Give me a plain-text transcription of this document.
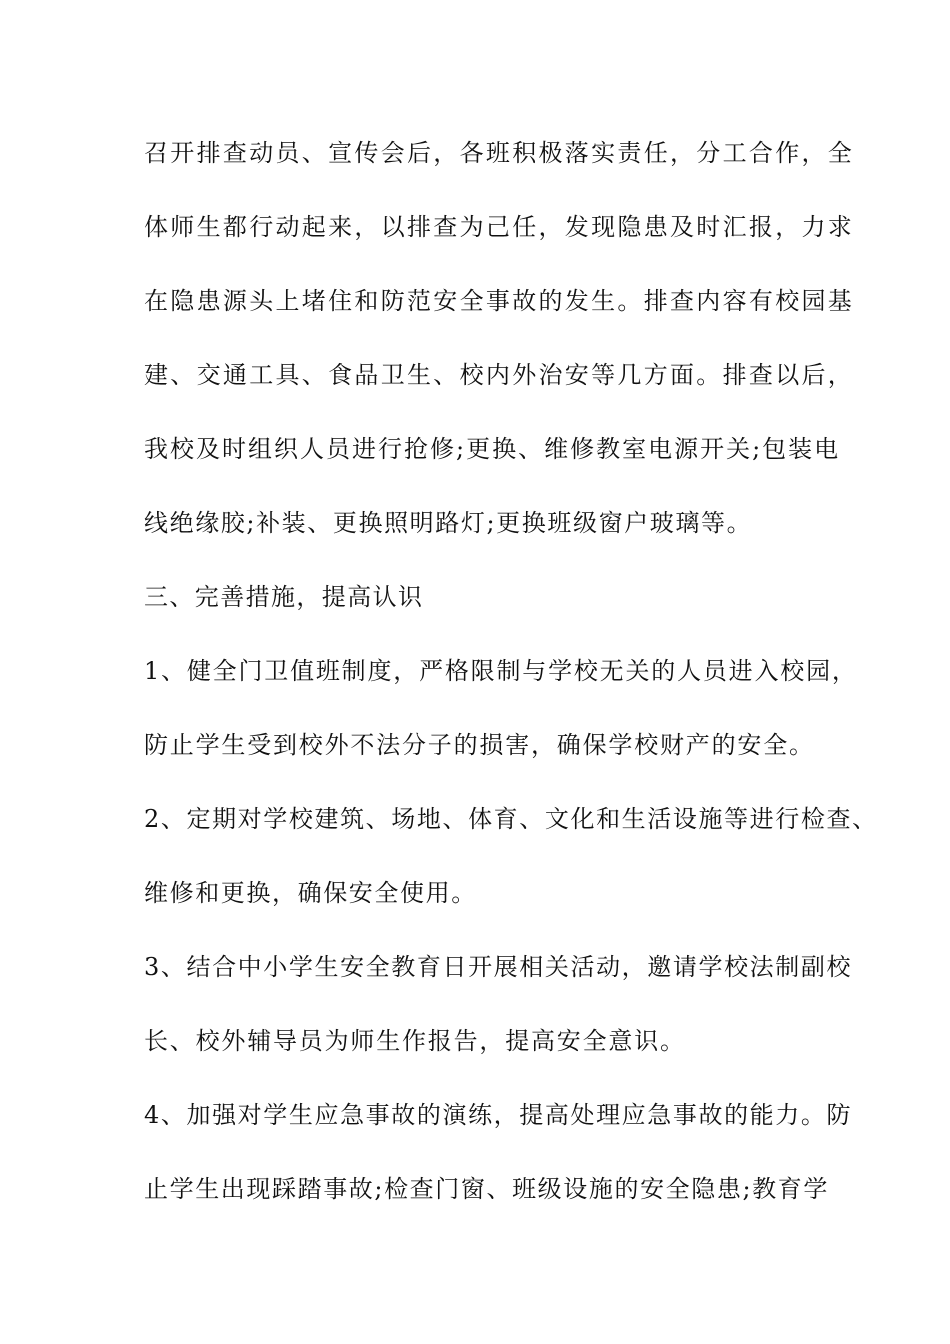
召开排查动员、宣传会后，各班积极落实责任，分工合作，全
体师生都行动起来，以排查为己任，发现隐患及时汇报，力求
在隐患源头上堵住和防范安全事故的发生。排查内容有校园基
建、交通工具、食品卫生、校内外治安等几方面。排查以后，
我校及时组织人员进行抢修;更换、维修教室电源开关;包装电
线绝缘胶;补装、更换照明路灯;更换班级窗户玻璃等。
三、完善措施，提高认识
1、健全门卫值班制度，严格限制与学校无关的人员进入校园，
防止学生受到校外不法分子的损害，确保学校财产的安全。
2、定期对学校建筑、场地、体育、文化和生活设施等进行检查、
维修和更换，确保安全使用。
3、结合中小学生安全教育日开展相关活动，邀请学校法制副校
长、校外辅导员为师生作报告，提高安全意识。
4、加强对学生应急事故的演练，提高处理应急事故的能力。防
止学生出现踩踏事故;检查门窗、班级设施的安全隐患;教育学
